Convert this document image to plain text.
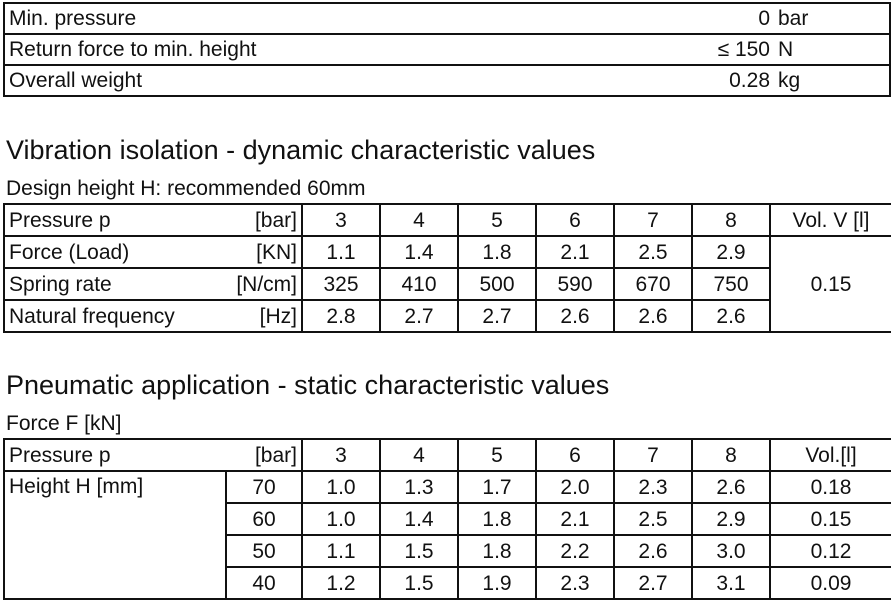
Min. pressure	0	bar
Return force to min. height	≤ 150	N
Overall weight	0.28	kg
Vibration isolation - dynamic characteristic values
Design height H: recommended 60mm
Pressure p	[bar]	3	4	5	6	7	8	Vol. V [l]
Force (Load)	[KN]	1.1	1.4	1.8	2.1	2.5	2.9	0.15
Spring rate	[N/cm]	325	410	500	590	670	750	
Natural frequency	[Hz]	2.8	2.7	2.7	2.6	2.6	2.6	
Pneumatic application - static characteristic values
Force F [kN]
Pressure p	[bar]	3	4	5	6	7	8	Vol.[l]
Height H [mm]	70	1.0	1.3	1.7	2.0	2.3	2.6	0.18
	60	1.0	1.4	1.8	2.1	2.5	2.9	0.15
	50	1.1	1.5	1.8	2.2	2.6	3.0	0.12
	40	1.2	1.5	1.9	2.3	2.7	3.1	0.09
